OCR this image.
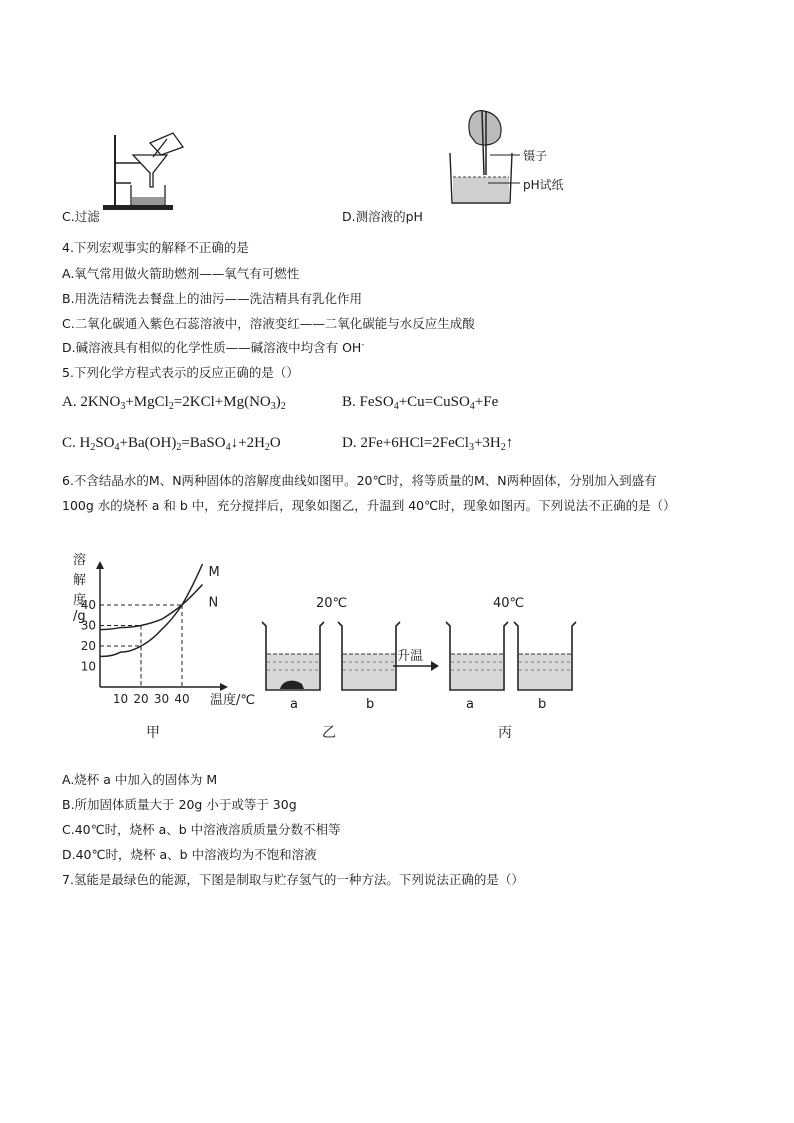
C.过滤
镊子
pH试纸
D.测溶液的pH
4.下列宏观事实的解释不正确的是
A.氧气常用做火箭助燃剂——氧气有可燃性
B.用洗洁精洗去餐盘上的油污——洗洁精具有乳化作用
C.二氧化碳通入紫色石蕊溶液中，溶液变红——二氧化碳能与水反应生成酸
D.碱溶液具有相似的化学性质——碱溶液中均含有 OH-
5.下列化学方程式表示的反应正确的是（）
A. $2KNO_3+MgCl_2=2KCl+Mg(NO_3)_2$	B. FeSO$_4$+Cu=CuSO$_4$+Fe
C. $H_2SO_4+Ba(OH)_2=BaSO_4↓+2H_2O$	D. $2Fe+6HCl=2FeCl_3+3H_2↑$
6.不含结晶水的M、N两种固体的溶解度曲线如图甲。20℃时，将等质量的M、N两种固体，分别加入到盛有
100g 水的烧杯 a 和 b 中，充分搅拌后，现象如图乙，升温到 40℃时，现象如图丙。下列说法不正确的是（）
M
N
10
20
30
40
10 20 30 40
溶
解
度
/g
温度/℃
甲
20℃
a	b
升温
乙
40℃
a	b
丙
A.烧杯 a 中加入的固体为 M
B.所加固体质量大于 20g 小于或等于 30g
C.40℃时，烧杯 a、b 中溶液溶质质量分数不相等
D.40℃时，烧杯 a、b 中溶液均为不饱和溶液
7.氢能是最绿色的能源，下图是制取与贮存氢气的一种方法。下列说法正确的是（）
